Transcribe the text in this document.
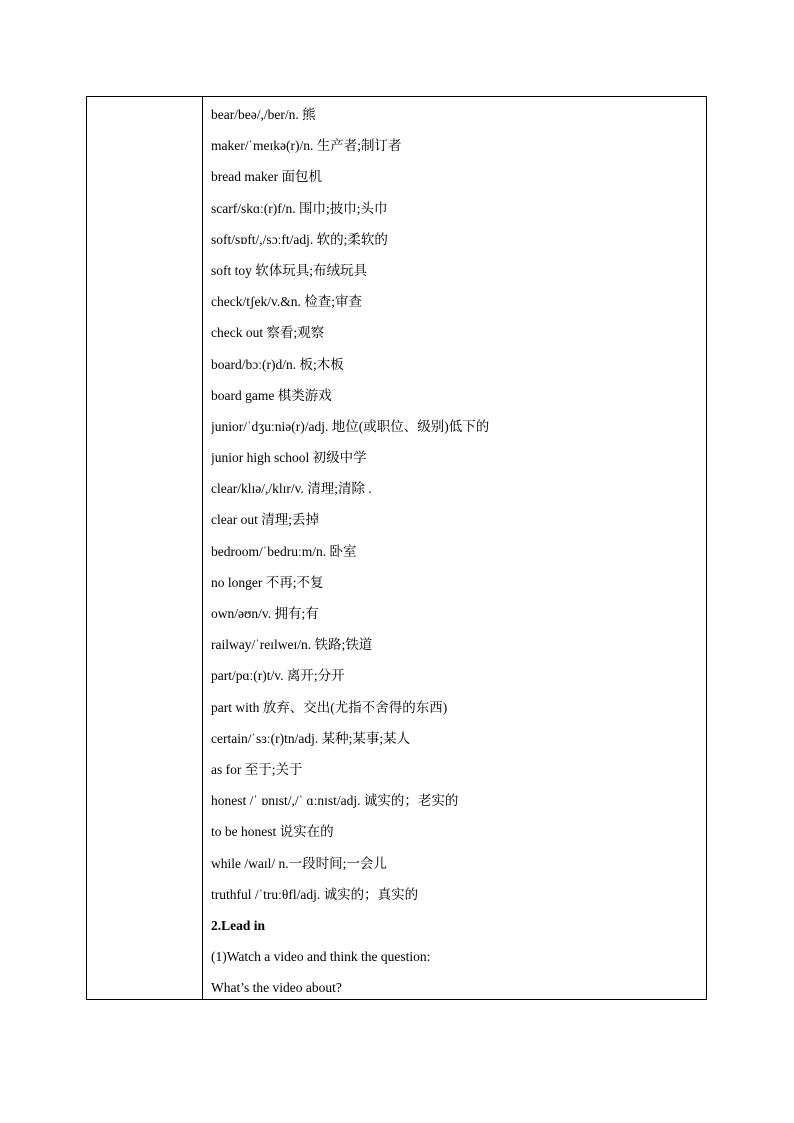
bear/beə/,/ber/n. 熊
maker/ˈmeɪkə(r)/n. 生产者;制订者
bread maker 面包机
scarf/skɑː(r)f/n. 围巾;披巾;头巾
soft/sɒft/,/sɔːft/adj. 软的;柔软的
soft toy 软体玩具;布绒玩具
check/tʃek/v.&n. 检查;审查
check out 察看;观察
board/bɔː(r)d/n. 板;木板
board game 棋类游戏
junior/ˈdʒuːniə(r)/adj. 地位(或职位、级别)低下的
junior high school 初级中学
clear/klɪə/,/klɪr/v. 清理;清除 .
clear out 清理;丢掉
bedroom/ˈbedruːm/n. 卧室
no longer 不再;不复
own/əʊn/v. 拥有;有
railway/ˈreɪlweɪ/n. 铁路;铁道
part/pɑː(r)t/v. 离开;分开
part with 放弃、交出(尤指不舍得的东西)
certain/ˈsɜː(r)tn/adj. 某种;某事;某人
as for 至于;关于
honest /ˈ ɒnɪst/,/ˈ ɑːnɪst/adj. 诚实的；老实的
to be honest 说实在的
while /waɪl/ n.一段时间;一会儿
truthful /ˈtruːθfl/adj. 诚实的；真实的
2.Lead in
(1)Watch a video and think the question:
What’s the video about?
